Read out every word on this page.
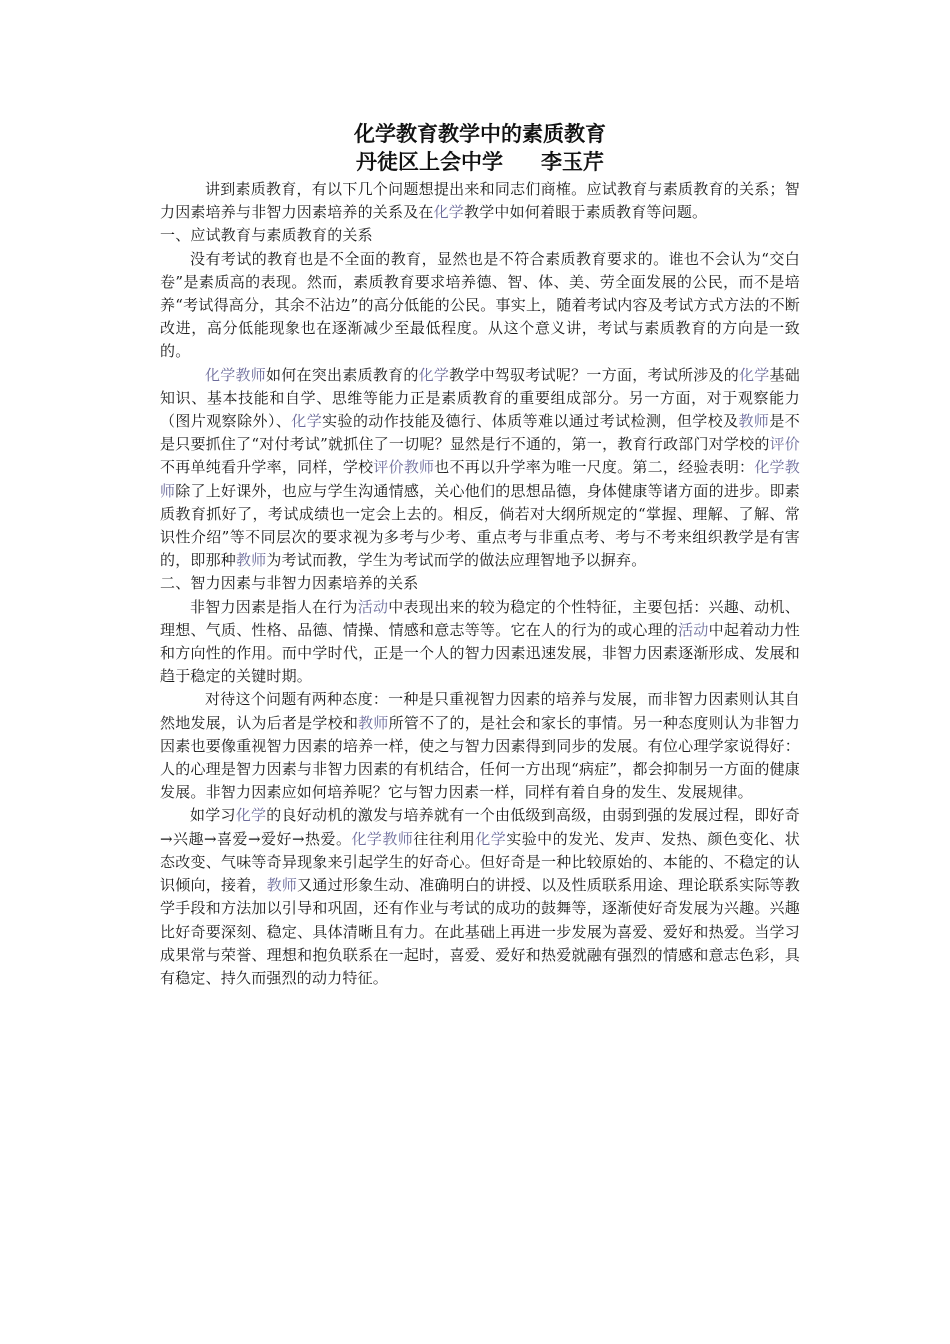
化学教育教学中的素质教育
丹徒区上会中学 李玉芹

讲到素质教育，有以下几个问题想提出来和同志们商榷。应试教育与素质教育的关系；智力因素培养与非智力因素培养的关系及在化学教学中如何着眼于素质教育等问题。

一、应试教育与素质教育的关系

没有考试的教育也是不全面的教育，显然也是不符合素质教育要求的。谁也不会认为“交白卷”是素质高的表现。然而，素质教育要求培养德、智、体、美、劳全面发展的公民，而不是培养“考试得高分，其余不沾边”的高分低能的公民。事实上，随着考试内容及考试方式方法的不断改进，高分低能现象也在逐渐减少至最低程度。从这个意义讲，考试与素质教育的方向是一致的。

化学教师如何在突出素质教育的化学教学中驾驭考试呢？一方面，考试所涉及的化学基础知识、基本技能和自学、思维等能力正是素质教育的重要组成部分。另一方面，对于观察能力（图片观察除外）、化学实验的动作技能及德行、体质等难以通过考试检测，但学校及教师是不是只要抓住了“对付考试”就抓住了一切呢？显然是行不通的，第一，教育行政部门对学校的评价不再单纯看升学率，同样，学校评价教师也不再以升学率为唯一尺度。第二，经验表明：化学教师除了上好课外，也应与学生沟通情感，关心他们的思想品德，身体健康等诸方面的进步。即素质教育抓好了，考试成绩也一定会上去的。相反，倘若对大纲所规定的“掌握、理解、了解、常识性介绍”等不同层次的要求视为多考与少考、重点考与非重点考、考与不考来组织教学是有害的，即那种教师为考试而教，学生为考试而学的做法应理智地予以摒弃。

二、智力因素与非智力因素培养的关系

非智力因素是指人在行为活动中表现出来的较为稳定的个性特征，主要包括：兴趣、动机、理想、气质、性格、品德、情操、情感和意志等等。它在人的行为的或心理的活动中起着动力性和方向性的作用。而中学时代，正是一个人的智力因素迅速发展，非智力因素逐渐形成、发展和趋于稳定的关键时期。

对待这个问题有两种态度：一种是只重视智力因素的培养与发展，而非智力因素则认其自然地发展，认为后者是学校和教师所管不了的，是社会和家长的事情。另一种态度则认为非智力因素也要像重视智力因素的培养一样，使之与智力因素得到同步的发展。有位心理学家说得好：人的心理是智力因素与非智力因素的有机结合，任何一方出现“病症”，都会抑制另一方面的健康发展。非智力因素应如何培养呢？它与智力因素一样，同样有着自身的发生、发展规律。

如学习化学的良好动机的激发与培养就有一个由低级到高级，由弱到强的发展过程，即好奇→兴趣→喜爱→爱好→热爱。化学教师往往利用化学实验中的发光、发声、发热、颜色变化、状态改变、气味等奇异现象来引起学生的好奇心。但好奇是一种比较原始的、本能的、不稳定的认识倾向，接着，教师又通过形象生动、准确明白的讲授、以及性质联系用途、理论联系实际等教学手段和方法加以引导和巩固，还有作业与考试的成功的鼓舞等，逐渐使好奇发展为兴趣。兴趣比好奇要深刻、稳定、具体清晰且有力。在此基础上再进一步发展为喜爱、爱好和热爱。当学习成果常与荣誉、理想和抱负联系在一起时，喜爱、爱好和热爱就融有强烈的情感和意志色彩，具有稳定、持久而强烈的动力特征。
